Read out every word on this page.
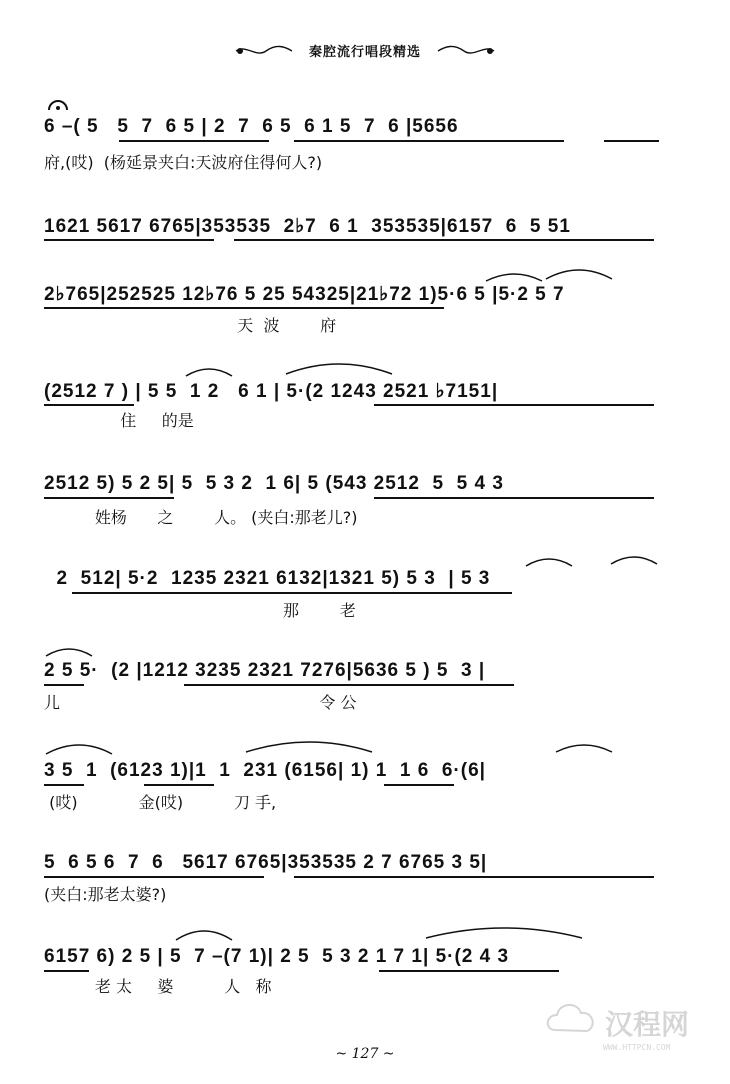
秦腔流行唱段精选
6 –( 5   5  7  6 5 | 2  7  6 5  6 1 5  7  6 |5656
府,(哎)  (杨延景夹白:天波府住得何人?)
1621 5617 6765|353535  2♭7  6 1  353535|6157  6  5 51
2♭765|252525 12♭76 5 25 54325|21♭72 1)5·6 5 |5·2 5 7
天  波        府
(2512 7 ) | 5 5  1 2   6 1 | 5·(2 1243 2521 ♭7151|
住     的是
2512 5) 5 2 5| 5  5 3 2  1 6| 5 (543 2512  5  5 4 3
姓杨      之        人。 (夹白:那老儿?)
2  512| 5·2  1235 2321 6132|1321 5) 5 3  | 5 3
那        老
2 5 5·  (2 |1212 3235 2321 7276|5636 5 ) 5  3 |
儿                                                   令 公
3 5  1  (6123 1)|1  1  231 (6156| 1) 1  1 6  6·(6|
(哎)            金(哎)          刀 手,
5  6 5 6  7  6   5617 6765|353535 2 7 6765 3 5|
(夹白:那老太婆?)
6157 6) 2 5 | 5  7 –(7 1)| 2 5  5 3 2 1 7 1| 5·(2 4 3
老 太     婆          人   称
~ 127 ~
汉程网
WWW.HTTPCN.COM
